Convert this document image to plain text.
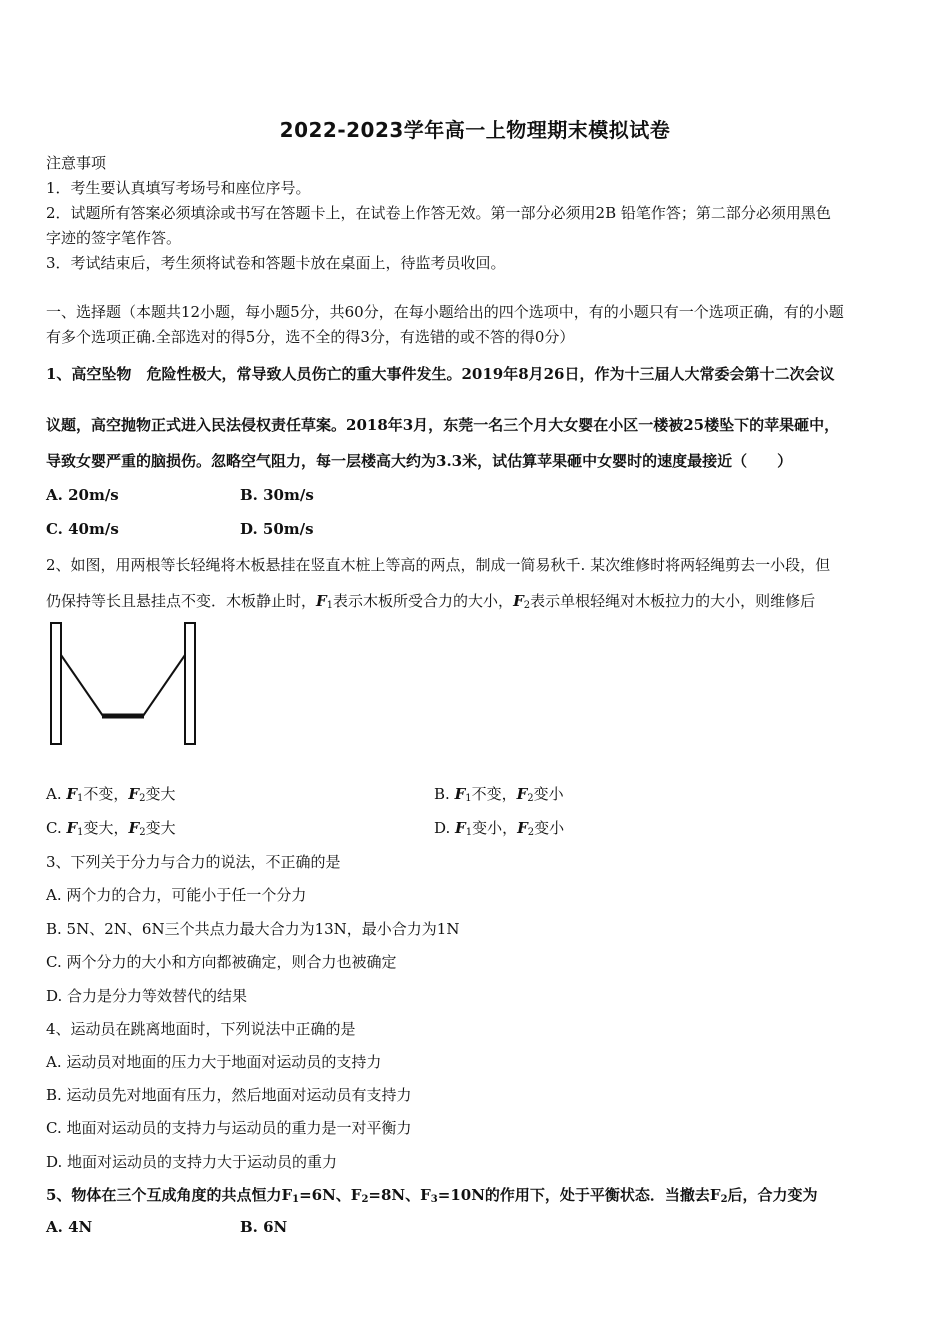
2022-2023学年高一上物理期末模拟试卷
注意事项
1．考生要认真填写考场号和座位序号。
2．试题所有答案必须填涂或书写在答题卡上，在试卷上作答无效。第一部分必须用2B 铅笔作答；第二部分必须用黑色
字迹的签字笔作答。
3．考试结束后，考生须将试卷和答题卡放在桌面上，待监考员收回。
一、选择题（本题共12小题，每小题5分，共60分，在每小题给出的四个选项中，有的小题只有一个选项正确，有的小题
有多个选项正确.全部选对的得5分，选不全的得3分，有选错的或不答的得0分）
1、高空坠物　危险性极大，常导致人员伤亡的重大事件发生。2019年8月26日，作为十三届人大常委会第十二次会议
议题，高空抛物正式进入民法侵权责任草案。2018年3月，东莞一名三个月大女婴在小区一楼被25楼坠下的苹果砸中，
导致女婴严重的脑损伤。忽略空气阻力，每一层楼高大约为3.3米，试估算苹果砸中女婴时的速度最接近（　　）
A. 20m/s	B. 30m/s
C. 40m/s	D. 50m/s
2、如图，用两根等长轻绳将木板悬挂在竖直木桩上等高的两点，制成一简易秋千. 某次维修时将两轻绳剪去一小段，但
仍保持等长且悬挂点不变．木板静止时，$F_1$表示木板所受合力的大小，$F_2$表示单根轻绳对木板拉力的大小，则维修后
A. $F_1$不变，$F_2$变大	B. $F_1$不变，$F_2$变小
C. $F_1$变大，$F_2$变大	D. $F_1$变小，$F_2$变小
3、下列关于分力与合力的说法，不正确的是
A. 两个力的合力，可能小于任一个分力
B. 5N、2N、6N三个共点力最大合力为13N，最小合力为1N
C. 两个分力的大小和方向都被确定，则合力也被确定
D. 合力是分力等效替代的结果
4、运动员在跳离地面时，下列说法中正确的是
A. 运动员对地面的压力大于地面对运动员的支持力
B. 运动员先对地面有压力，然后地面对运动员有支持力
C. 地面对运动员的支持力与运动员的重力是一对平衡力
D. 地面对运动员的支持力大于运动员的重力
5、物体在三个互成角度的共点恒力$F_1=6N$、$F_2=8N$、$F_3=10N$的作用下，处于平衡状态．当撤去$F_2$后，合力变为
A. 4N	B. 6N
